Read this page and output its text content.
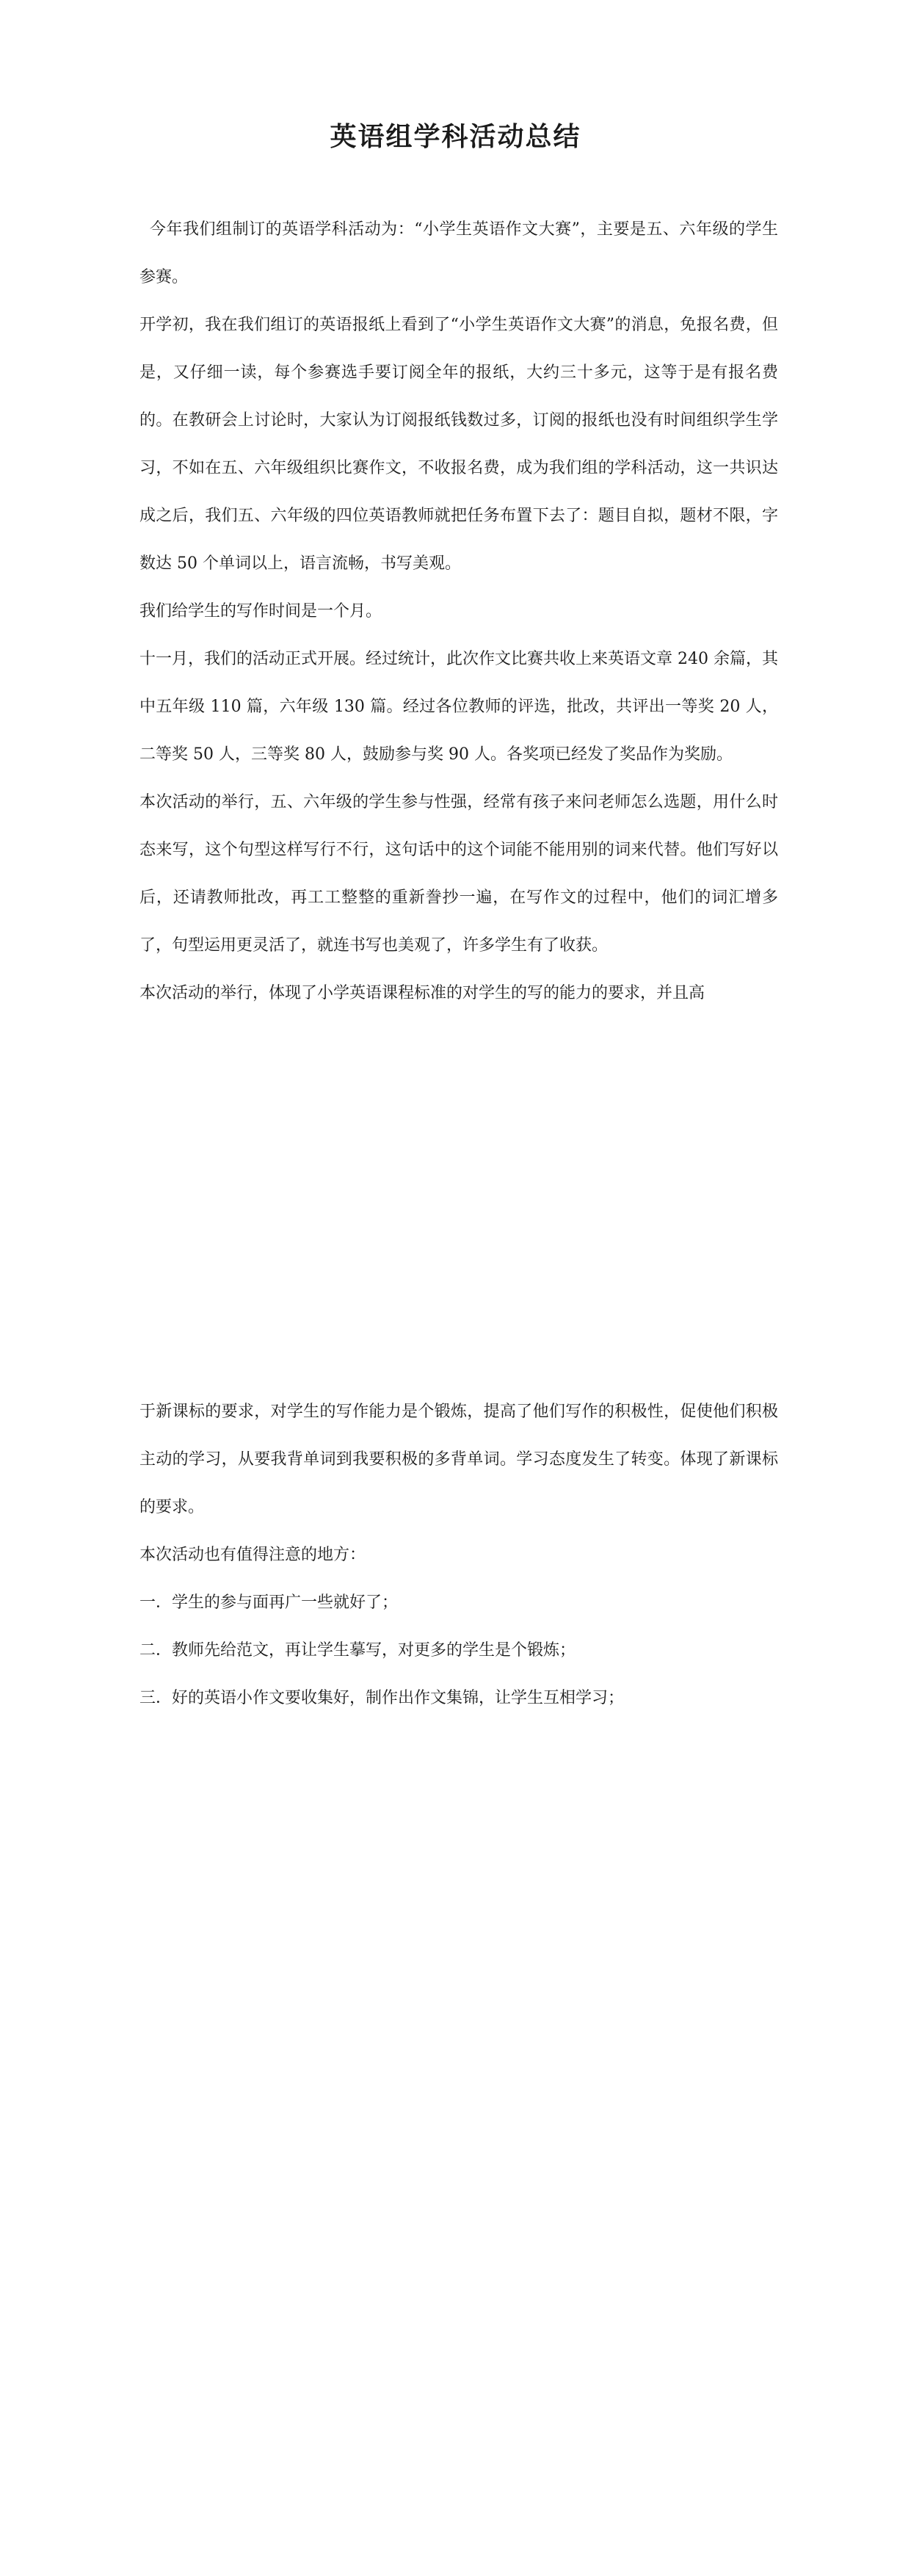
英语组学科活动总结

今年我们组制订的英语学科活动为：“小学生英语作文大赛”，主要是五、六年级的学生参赛。

开学初，我在我们组订的英语报纸上看到了“小学生英语作文大赛”的消息，免报名费，但是，又仔细一读，每个参赛选手要订阅全年的报纸，大约三十多元，这等于是有报名费的。在教研会上讨论时，大家认为订阅报纸钱数过多，订阅的报纸也没有时间组织学生学习，不如在五、六年级组织比赛作文，不收报名费，成为我们组的学科活动，这一共识达成之后，我们五、六年级的四位英语教师就把任务布置下去了：题目自拟，题材不限，字数达 50 个单词以上，语言流畅，书写美观。

我们给学生的写作时间是一个月。

十一月，我们的活动正式开展。经过统计，此次作文比赛共收上来英语文章 240 余篇，其中五年级 110 篇，六年级 130 篇。经过各位教师的评选，批改，共评出一等奖 20 人，二等奖 50 人，三等奖 80 人，鼓励参与奖 90 人。各奖项已经发了奖品作为奖励。

本次活动的举行，五、六年级的学生参与性强，经常有孩子来问老师怎么选题，用什么时态来写，这个句型这样写行不行，这句话中的这个词能不能用别的词来代替。他们写好以后，还请教师批改，再工工整整的重新誊抄一遍，在写作文的过程中，他们的词汇增多了，句型运用更灵活了，就连书写也美观了，许多学生有了收获。

本次活动的举行，体现了小学英语课程标准的对学生的写的能力的要求，并且高

于新课标的要求，对学生的写作能力是个锻炼，提高了他们写作的积极性，促使他们积极主动的学习，从要我背单词到我要积极的多背单词。学习态度发生了转变。体现了新课标的要求。

本次活动也有值得注意的地方：

一．学生的参与面再广一些就好了；

二．教师先给范文，再让学生摹写，对更多的学生是个锻炼；

三．好的英语小作文要收集好，制作出作文集锦，让学生互相学习；
